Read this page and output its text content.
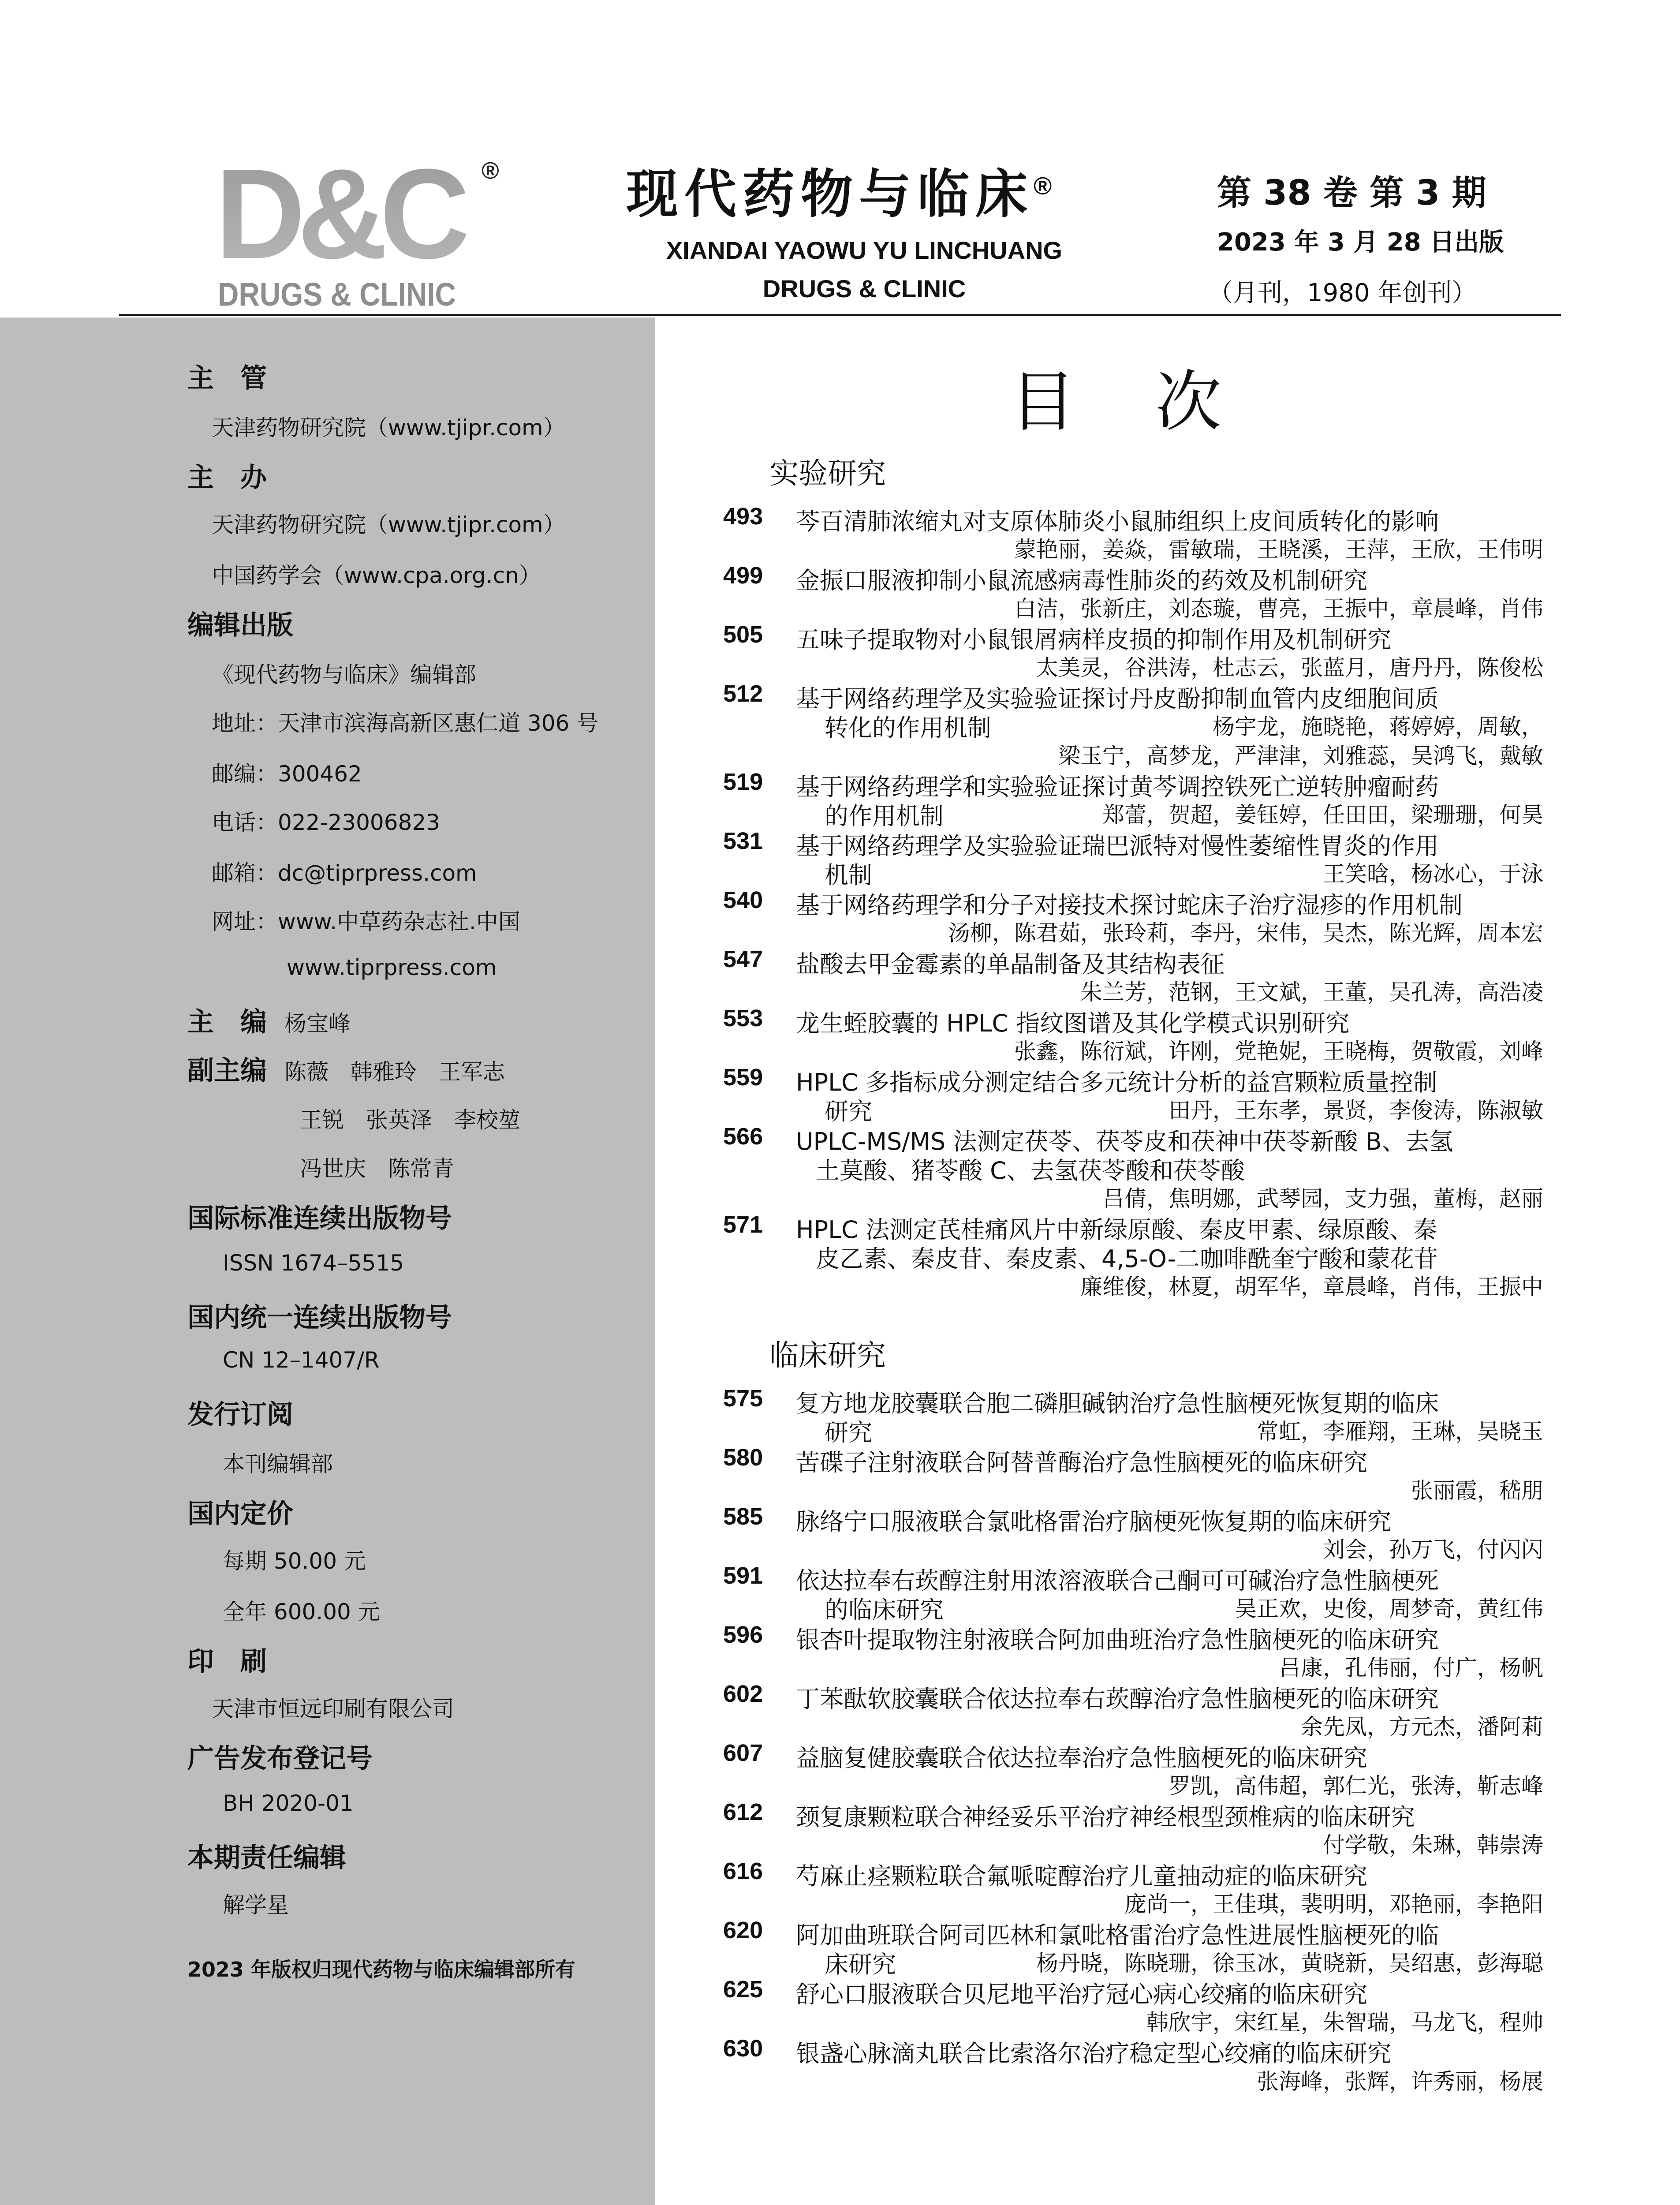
D&C ®
DRUGS & CLINIC
现代药物与临床®
XIANDAI YAOWU YU LINCHUANG
DRUGS & CLINIC
第 38 卷 第 3 期
2023 年 3 月 28 日出版
（月刊，1980 年创刊）
主　管
天津药物研究院（www.tjipr.com）
主　办
天津药物研究院（www.tjipr.com）
中国药学会（www.cpa.org.cn）
编辑出版
《现代药物与临床》编辑部
地址：天津市滨海高新区惠仁道 306 号
邮编：300462
电话：022-23006823
邮箱：dc@tiprpress.com
网址：www.中草药杂志社.中国
www.tiprpress.com
主　编 杨宝峰
副主编 陈薇　韩雅玲　王军志
王锐　张英泽　李校堃
冯世庆　陈常青
国际标准连续出版物号
ISSN 1674–5515
国内统一连续出版物号
CN 12–1407/R
发行订阅
本刊编辑部
国内定价
每期 50.00 元
全年 600.00 元
印　刷
天津市恒远印刷有限公司
广告发布登记号
BH 2020-01
本期责任编辑
解学星
2023 年版权归现代药物与临床编辑部所有
目次
实验研究
493 芩百清肺浓缩丸对支原体肺炎小鼠肺组织上皮间质转化的影响
蒙艳丽，姜焱，雷敏瑞，王晓溪，王萍，王欣，王伟明
499 金振口服液抑制小鼠流感病毒性肺炎的药效及机制研究
白洁，张新庄，刘态璇，曹亮，王振中，章晨峰，肖伟
505 五味子提取物对小鼠银屑病样皮损的抑制作用及机制研究
太美灵，谷洪涛，杜志云，张蓝月，唐丹丹，陈俊松
512 基于网络药理学及实验验证探讨丹皮酚抑制血管内皮细胞间质
转化的作用机制	杨宇龙，施晓艳，蒋婷婷，周敏，
梁玉宁，高梦龙，严津津，刘雅蕊，吴鸿飞，戴敏
519 基于网络药理学和实验验证探讨黄芩调控铁死亡逆转肿瘤耐药
的作用机制	郑蕾，贺超，姜钰婷，任田田，梁珊珊，何昊
531 基于网络药理学及实验验证瑞巴派特对慢性萎缩性胃炎的作用
机制	王笑晗，杨冰心，于泳
540 基于网络药理学和分子对接技术探讨蛇床子治疗湿疹的作用机制
汤柳，陈君茹，张玲莉，李丹，宋伟，吴杰，陈光辉，周本宏
547 盐酸去甲金霉素的单晶制备及其结构表征
朱兰芳，范钢，王文斌，王董，吴孔涛，高浩凌
553 龙生蛭胶囊的 HPLC 指纹图谱及其化学模式识别研究
张鑫，陈衍斌，许刚，党艳妮，王晓梅，贺敬霞，刘峰
559 HPLC 多指标成分测定结合多元统计分析的益宫颗粒质量控制
研究	田丹，王东孝，景贤，李俊涛，陈淑敏
566 UPLC-MS/MS 法测定茯苓、茯苓皮和茯神中茯苓新酸 B、去氢
土莫酸、猪苓酸 C、去氢茯苓酸和茯苓酸
吕倩，焦明娜，武琴园，支力强，董梅，赵丽
571 HPLC 法测定芪桂痛风片中新绿原酸、秦皮甲素、绿原酸、秦
皮乙素、秦皮苷、秦皮素、4,5-O-二咖啡酰奎宁酸和蒙花苷
廉维俊，林夏，胡军华，章晨峰，肖伟，王振中
临床研究
575 复方地龙胶囊联合胞二磷胆碱钠治疗急性脑梗死恢复期的临床
研究	常虹，李雁翔，王琳，吴晓玉
580 苦碟子注射液联合阿替普酶治疗急性脑梗死的临床研究
张丽霞，嵇朋
585 脉络宁口服液联合氯吡格雷治疗脑梗死恢复期的临床研究
刘会，孙万飞，付闪闪
591 依达拉奉右莰醇注射用浓溶液联合己酮可可碱治疗急性脑梗死
的临床研究	吴正欢，史俊，周梦奇，黄红伟
596 银杏叶提取物注射液联合阿加曲班治疗急性脑梗死的临床研究
吕康，孔伟丽，付广，杨帆
602 丁苯酞软胶囊联合依达拉奉右莰醇治疗急性脑梗死的临床研究
余先凤，方元杰，潘阿莉
607 益脑复健胶囊联合依达拉奉治疗急性脑梗死的临床研究
罗凯，高伟超，郭仁光，张涛，靳志峰
612 颈复康颗粒联合神经妥乐平治疗神经根型颈椎病的临床研究
付学敬，朱琳，韩崇涛
616 芍麻止痉颗粒联合氟哌啶醇治疗儿童抽动症的临床研究
庞尚一，王佳琪，裴明明，邓艳丽，李艳阳
620 阿加曲班联合阿司匹林和氯吡格雷治疗急性进展性脑梗死的临
床研究	杨丹晓，陈晓珊，徐玉冰，黄晓新，吴绍惠，彭海聪
625 舒心口服液联合贝尼地平治疗冠心病心绞痛的临床研究
韩欣宇，宋红星，朱智瑞，马龙飞，程帅
630 银盏心脉滴丸联合比索洛尔治疗稳定型心绞痛的临床研究
张海峰，张辉，许秀丽，杨展
